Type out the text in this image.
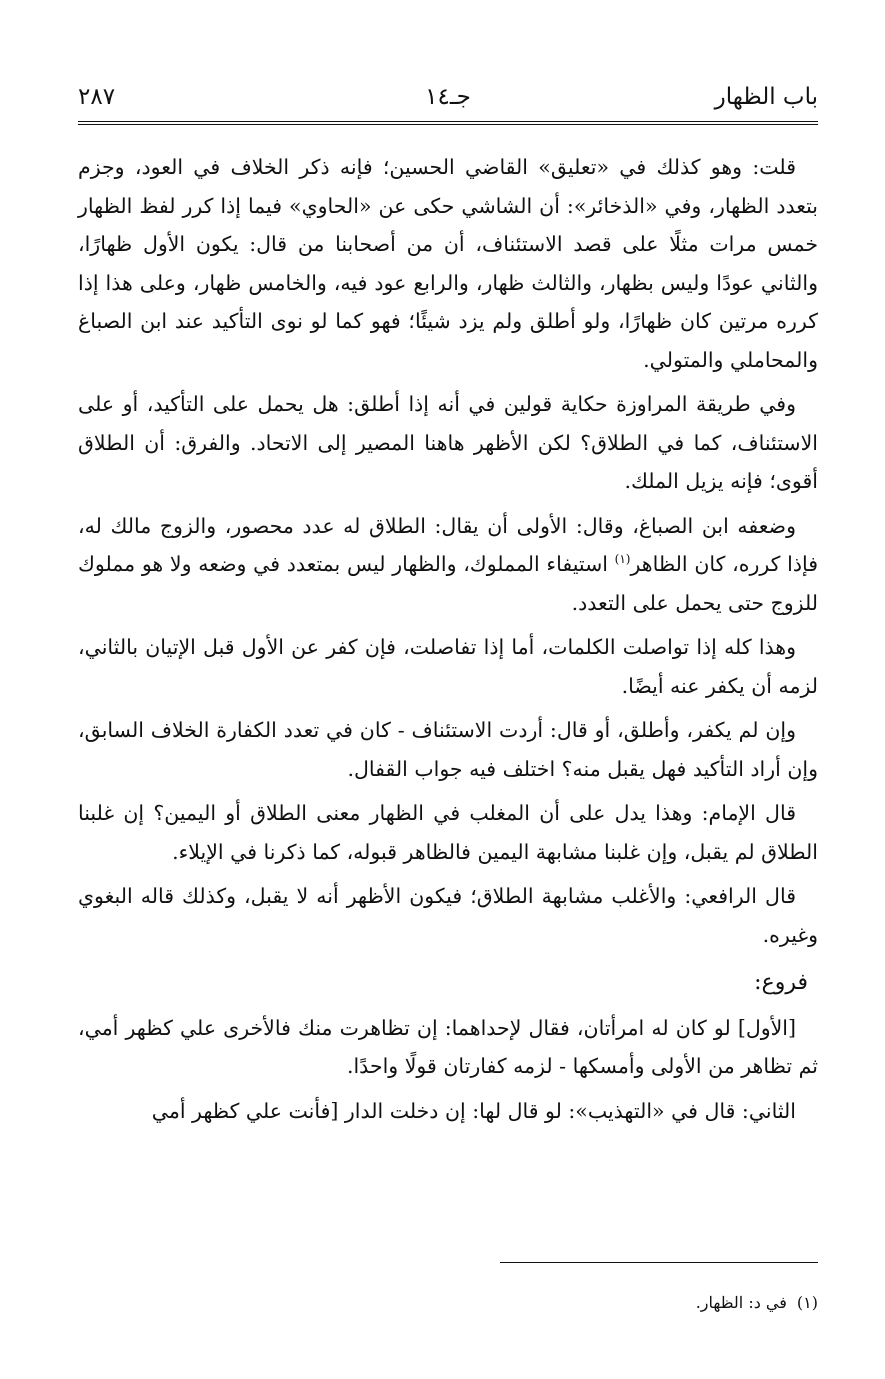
باب الظهار
جـ١٤
٢٨٧

قلت: وهو كذلك في «تعليق» القاضي الحسين؛ فإنه ذكر الخلاف في العود، وجزم بتعدد الظهار، وفي «الذخائر»: أن الشاشي حكى عن «الحاوي» فيما إذا كرر لفظ الظهار خمس مرات مثلًا على قصد الاستئناف، أن من أصحابنا من قال: يكون الأول ظهارًا، والثاني عودًا وليس بظهار، والثالث ظهار، والرابع عود فيه، والخامس ظهار، وعلى هذا إذا كرره مرتين كان ظهارًا، ولو أطلق ولم يزد شيئًا؛ فهو كما لو نوى التأكيد عند ابن الصباغ والمحاملي والمتولي.

وفي طريقة المراوزة حكاية قولين في أنه إذا أطلق: هل يحمل على التأكيد، أو على الاستئناف، كما في الطلاق؟ لكن الأظهر هاهنا المصير إلى الاتحاد. والفرق: أن الطلاق أقوى؛ فإنه يزيل الملك.

وضعفه ابن الصباغ، وقال: الأولى أن يقال: الطلاق له عدد محصور، والزوج مالك له، فإذا كرره، كان الظاهر$^{(١)}$ استيفاء المملوك، والظهار ليس بمتعدد في وضعه ولا هو مملوك للزوج حتى يحمل على التعدد.

وهذا كله إذا تواصلت الكلمات، أما إذا تفاصلت، فإن كفر عن الأول قبل الإتيان بالثاني، لزمه أن يكفر عنه أيضًا.

وإن لم يكفر، وأطلق، أو قال: أردت الاستئناف - كان في تعدد الكفارة الخلاف السابق، وإن أراد التأكيد فهل يقبل منه؟ اختلف فيه جواب القفال.

قال الإمام: وهذا يدل على أن المغلب في الظهار معنى الطلاق أو اليمين؟ إن غلبنا الطلاق لم يقبل، وإن غلبنا مشابهة اليمين فالظاهر قبوله، كما ذكرنا في الإيلاء.

قال الرافعي: والأغلب مشابهة الطلاق؛ فيكون الأظهر أنه لا يقبل، وكذلك قاله البغوي وغيره.

فروع:

[الأول] لو كان له امرأتان، فقال لإحداهما: إن تظاهرت منك فالأخرى علي كظهر أمي، ثم تظاهر من الأولى وأمسكها - لزمه كفارتان قولًا واحدًا.

الثاني: قال في «التهذيب»: لو قال لها: إن دخلت الدار [فأنت علي كظهر أمي

(١)في د: الظهار.
